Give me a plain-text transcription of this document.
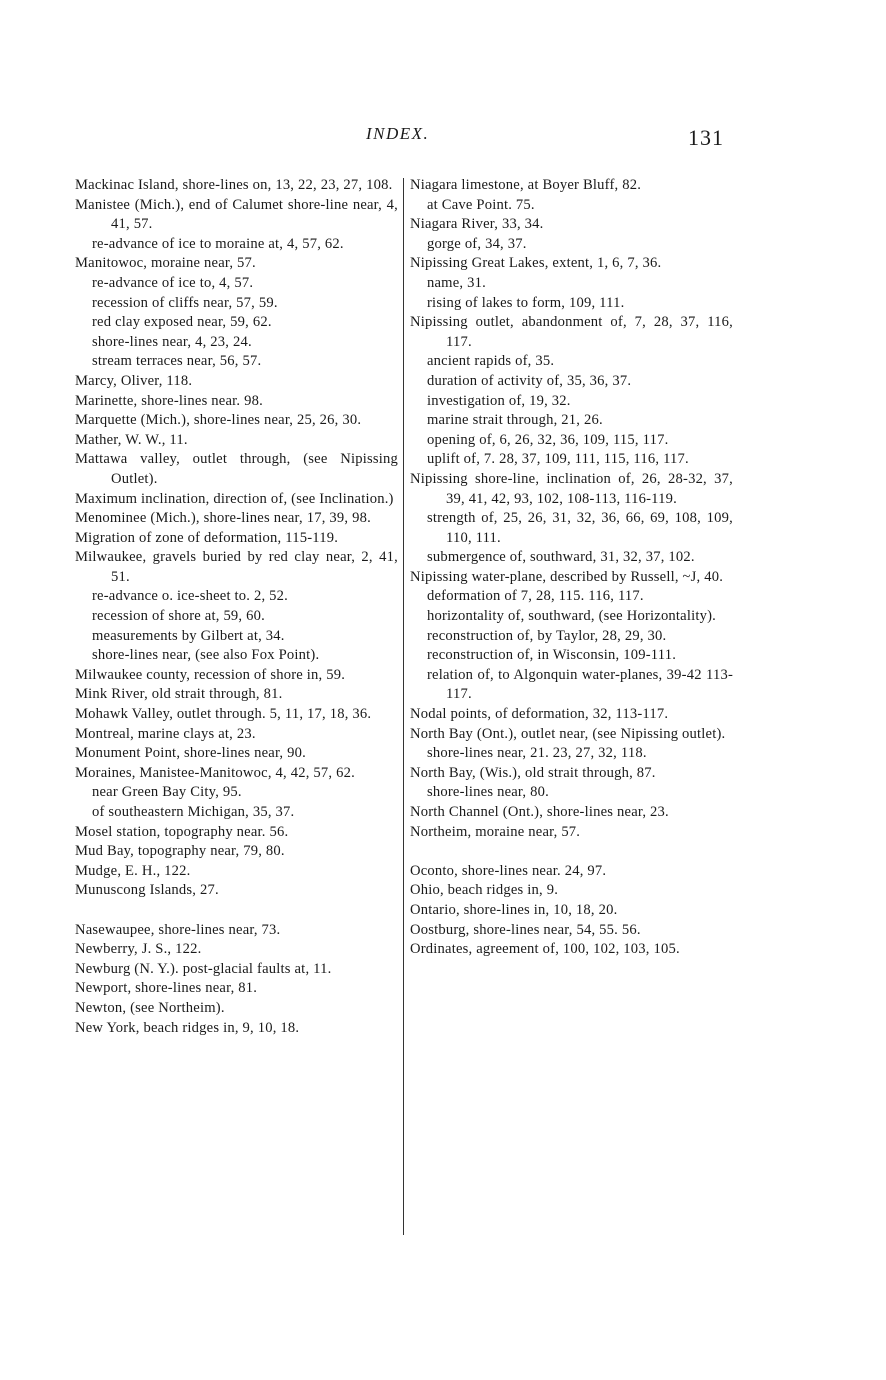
INDEX.	131
Mackinac Island, shore-lines on, 13, 22, 23, 27, 108.
Manistee (Mich.), end of Calumet shore-line near, 4, 41, 57.
re-advance of ice to moraine at, 4, 57, 62.
Manitowoc, moraine near, 57.
re-advance of ice to, 4, 57.
recession of cliffs near, 57, 59.
red clay exposed near, 59, 62.
shore-lines near, 4, 23, 24.
stream terraces near, 56, 57.
Marcy, Oliver, 118.
Marinette, shore-lines near. 98.
Marquette (Mich.), shore-lines near, 25, 26, 30.
Mather, W. W., 11.
Mattawa valley, outlet through, (see Nipissing Outlet).
Maximum inclination, direction of, (see Inclination.)
Menominee (Mich.), shore-lines near, 17, 39, 98.
Migration of zone of deformation, 115-119.
Milwaukee, gravels buried by red clay near, 2, 41, 51.
re-advance o. ice-sheet to. 2, 52.
recession of shore at, 59, 60.
measurements by Gilbert at, 34.
shore-lines near, (see also Fox Point).
Milwaukee county, recession of shore in, 59.
Mink River, old strait through, 81.
Mohawk Valley, outlet through. 5, 11, 17, 18, 36.
Montreal, marine clays at, 23.
Monument Point, shore-lines near, 90.
Moraines, Manistee-Manitowoc, 4, 42, 57, 62.
near Green Bay City, 95.
of southeastern Michigan, 35, 37.
Mosel station, topography near. 56.
Mud Bay, topography near, 79, 80.
Mudge, E. H., 122.
Munuscong Islands, 27.
Nasewaupee, shore-lines near, 73.
Newberry, J. S., 122.
Newburg (N. Y.). post-glacial faults at, 11.
Newport, shore-lines near, 81.
Newton, (see Northeim).
New York, beach ridges in, 9, 10, 18.
Niagara limestone, at Boyer Bluff, 82.
at Cave Point. 75.
Niagara River, 33, 34.
gorge of, 34, 37.
Nipissing Great Lakes, extent, 1, 6, 7, 36.
name, 31.
rising of lakes to form, 109, 111.
Nipissing outlet, abandonment of, 7, 28, 37, 116, 117.
ancient rapids of, 35.
duration of activity of, 35, 36, 37.
investigation of, 19, 32.
marine strait through, 21, 26.
opening of, 6, 26, 32, 36, 109, 115, 117.
uplift of, 7. 28, 37, 109, 111, 115, 116, 117.
Nipissing shore-line, inclination of, 26, 28-32, 37, 39, 41, 42, 93, 102, 108-113, 116-119.
strength of, 25, 26, 31, 32, 36, 66, 69, 108, 109, 110, 111.
submergence of, southward, 31, 32, 37, 102.
Nipissing water-plane, described by Russell, ~J, 40.
deformation of 7, 28, 115. 116, 117.
horizontality of, southward, (see Horizontality).
reconstruction of, by Taylor, 28, 29, 30.
reconstruction of, in Wisconsin, 109-111.
relation of, to Algonquin water-planes, 39-42 113-117.
Nodal points, of deformation, 32, 113-117.
North Bay (Ont.), outlet near, (see Nipissing outlet).
shore-lines near, 21. 23, 27, 32, 118.
North Bay, (Wis.), old strait through, 87.
shore-lines near, 80.
North Channel (Ont.), shore-lines near, 23.
Northeim, moraine near, 57.
Oconto, shore-lines near. 24, 97.
Ohio, beach ridges in, 9.
Ontario, shore-lines in, 10, 18, 20.
Oostburg, shore-lines near, 54, 55. 56.
Ordinates, agreement of, 100, 102, 103, 105.
